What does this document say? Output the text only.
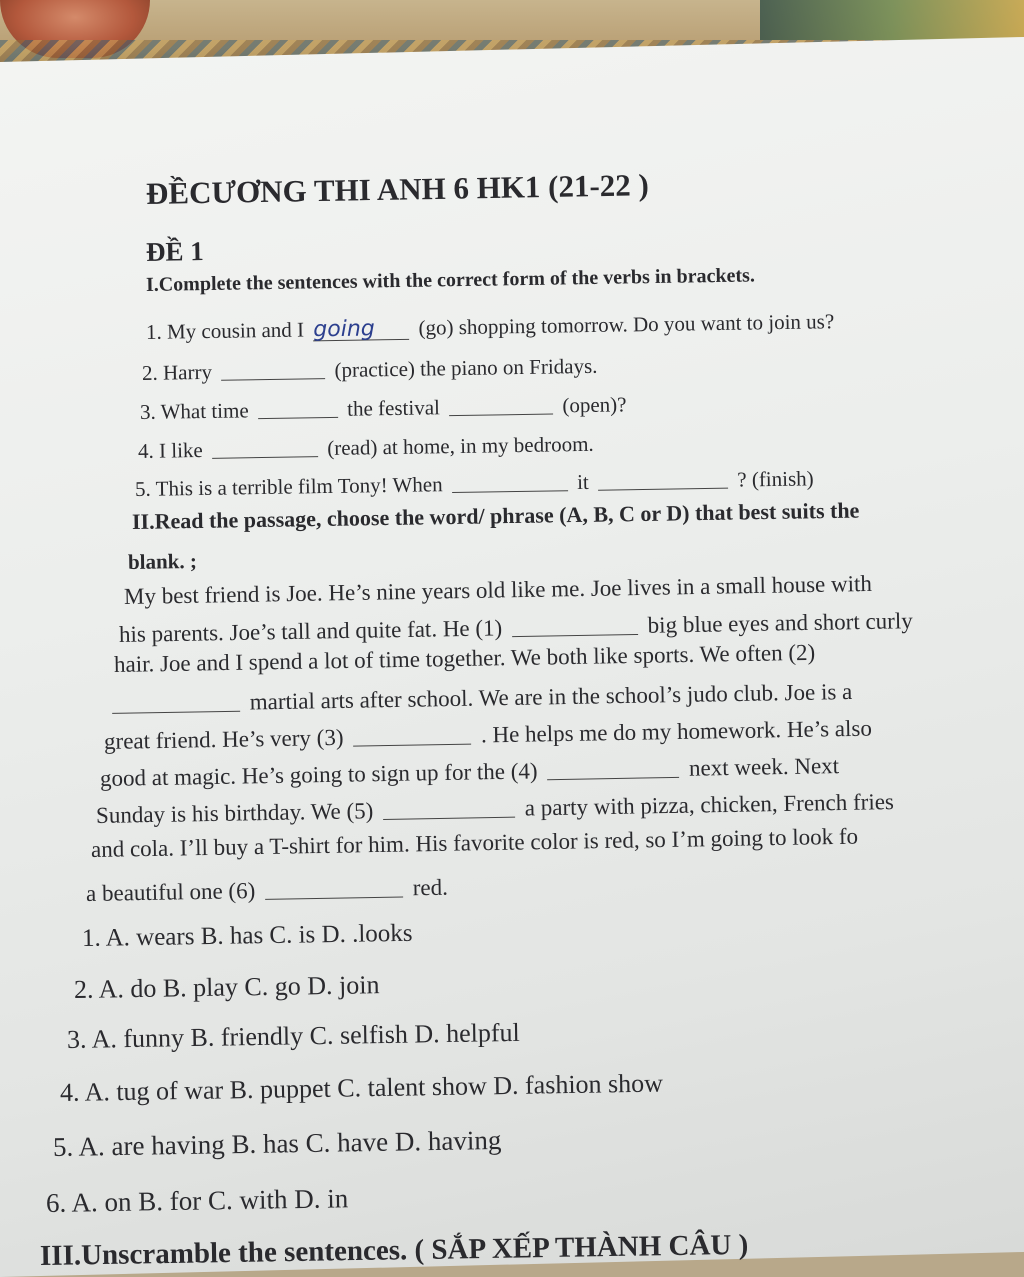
ĐỀCƯƠNG THI ANH 6 HK1 (21-22 )
ĐỀ 1
I.Complete the sentences with the correct form of the verbs in brackets.
1. My cousin and I going (go) shopping tomorrow. Do you want to join us?
2. Harry	(practice) the piano on Fridays.
3. What time	the festival	(open)?
4. I like	(read) at home, in my bedroom.
5. This is a terrible film Tony! When	it	? (finish)
II.Read the passage, choose the word/ phrase (A, B, C or D) that best suits the
blank. ;
My best friend is Joe. He’s nine years old like me. Joe lives in a small house with
his parents. Joe’s tall and quite fat. He (1)	big blue eyes and short curly
hair. Joe and I spend a lot of time together. We both like sports. We often (2)
martial arts after school. We are in the school’s judo club. Joe is a
great friend. He’s very (3)	. He helps me do my homework. He’s also
good at magic. He’s going to sign up for the (4)	next week. Next
Sunday is his birthday. We (5)	a party with pizza, chicken, French fries
and cola. I’ll buy a T-shirt for him. His favorite color is red, so I’m going to look fo
a beautiful one (6)	red.
1. A. wears B. has C. is D. .looks
2. A. do B. play C. go D. join
3. A. funny B. friendly C. selfish D. helpful
4. A. tug of war B. puppet C. talent show D. fashion show
5. A. are having B. has C. have D. having
6. A. on B. for C. with D. in
III.Unscramble the sentences. ( SẮP XẾP THÀNH CÂU )
